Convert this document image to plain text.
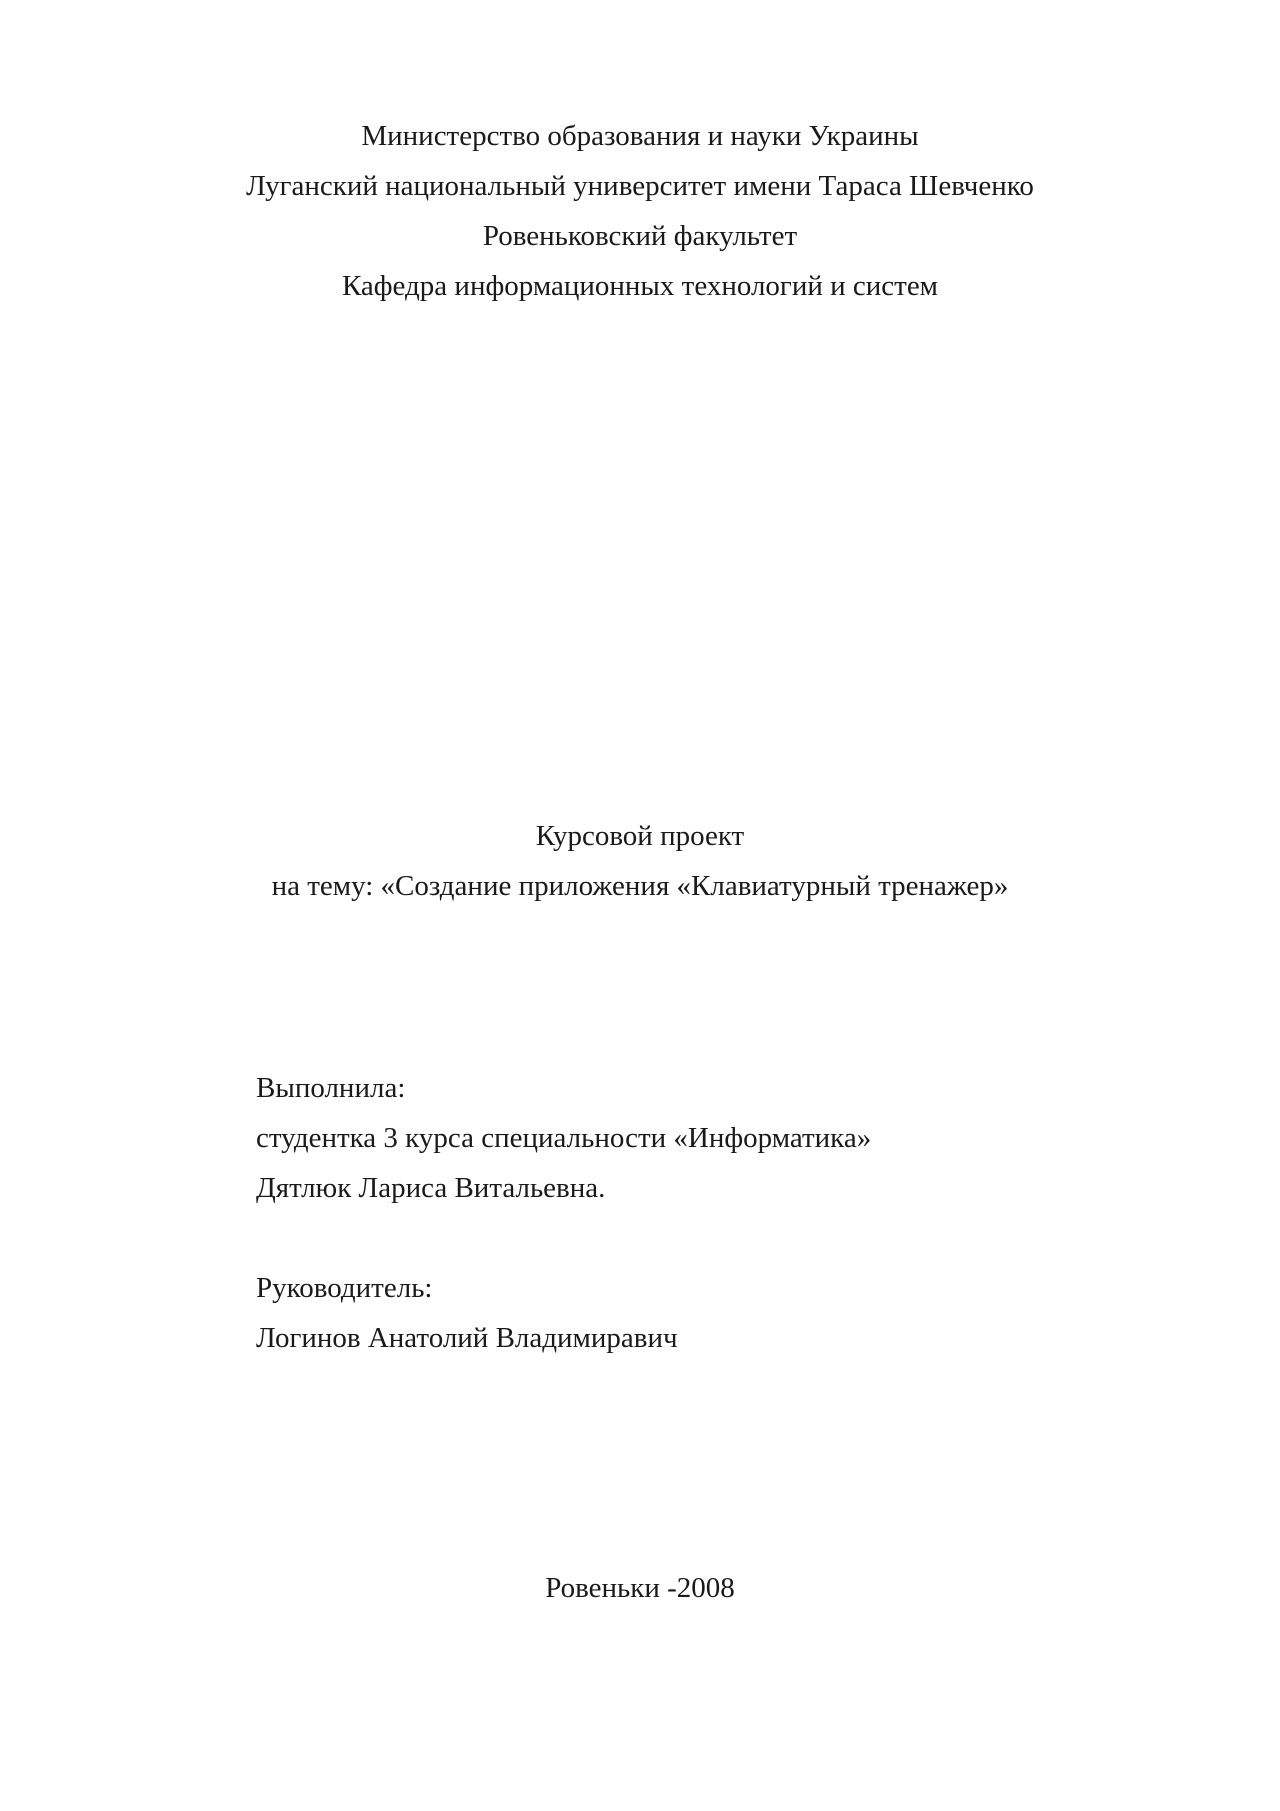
Министерство образования и науки Украины
Луганский национальный университет имени Тараса Шевченко
Ровеньковский факультет
Кафедра информационных технологий и систем
Курсовой проект
на тему: «Создание приложения «Клавиатурный тренажер»
Выполнила:
студентка 3 курса специальности «Информатика»
Дятлюк Лариса Витальевна.
Руководитель:
Логинов Анатолий Владимиравич
Ровеньки -2008
